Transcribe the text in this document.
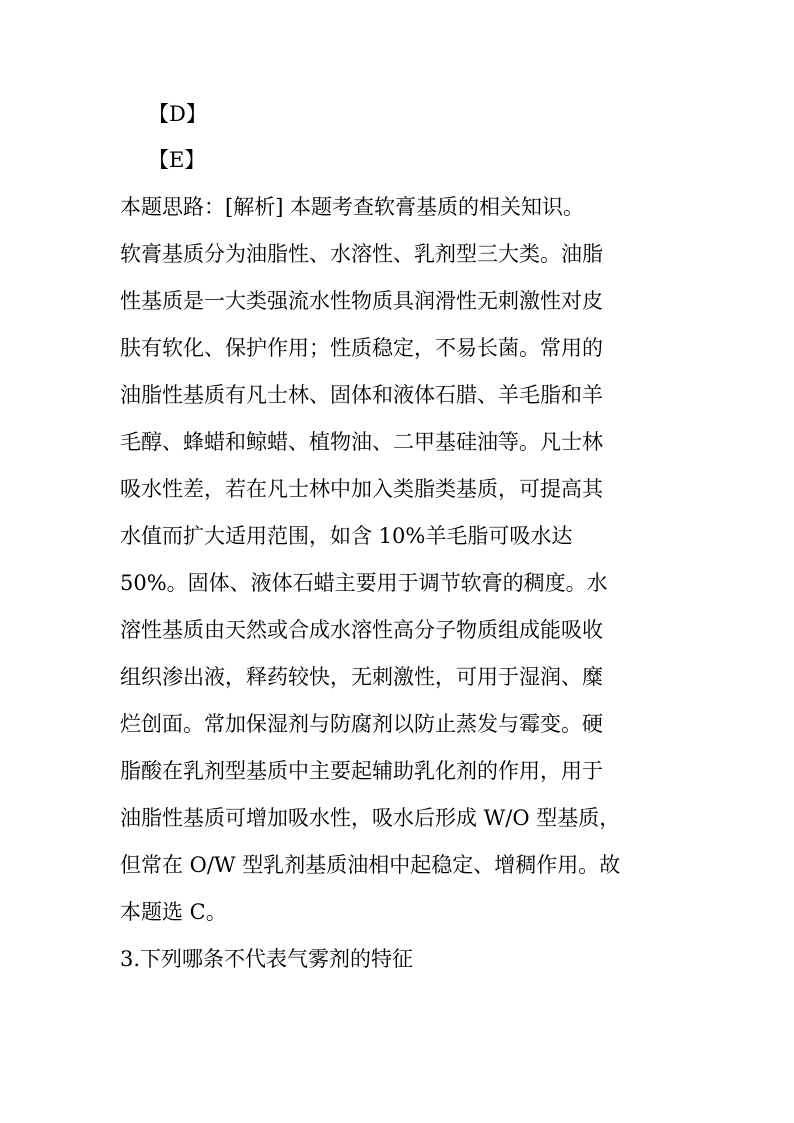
【D】
【E】
本题思路：[解析] 本题考查软膏基质的相关知识。
软膏基质分为油脂性、水溶性、乳剂型三大类。油脂
性基质是一大类强流水性物质具润滑性无刺激性对皮
肤有软化、保护作用；性质稳定，不易长菌。常用的
油脂性基质有凡士林、固体和液体石腊、羊毛脂和羊
毛醇、蜂蜡和鲸蜡、植物油、二甲基硅油等。凡士林
吸水性差，若在凡士林中加入类脂类基质，可提高其
水值而扩大适用范围，如含 10%羊毛脂可吸水达
50%。固体、液体石蜡主要用于调节软膏的稠度。水
溶性基质由天然或合成水溶性高分子物质组成能吸收
组织渗出液，释药较快，无刺激性，可用于湿润、糜
烂创面。常加保湿剂与防腐剂以防止蒸发与霉变。硬
脂酸在乳剂型基质中主要起辅助乳化剂的作用，用于
油脂性基质可增加吸水性，吸水后形成 W/O 型基质，
但常在 O/W 型乳剂基质油相中起稳定、增稠作用。故
本题选 C。
3.下列哪条不代表气雾剂的特征
